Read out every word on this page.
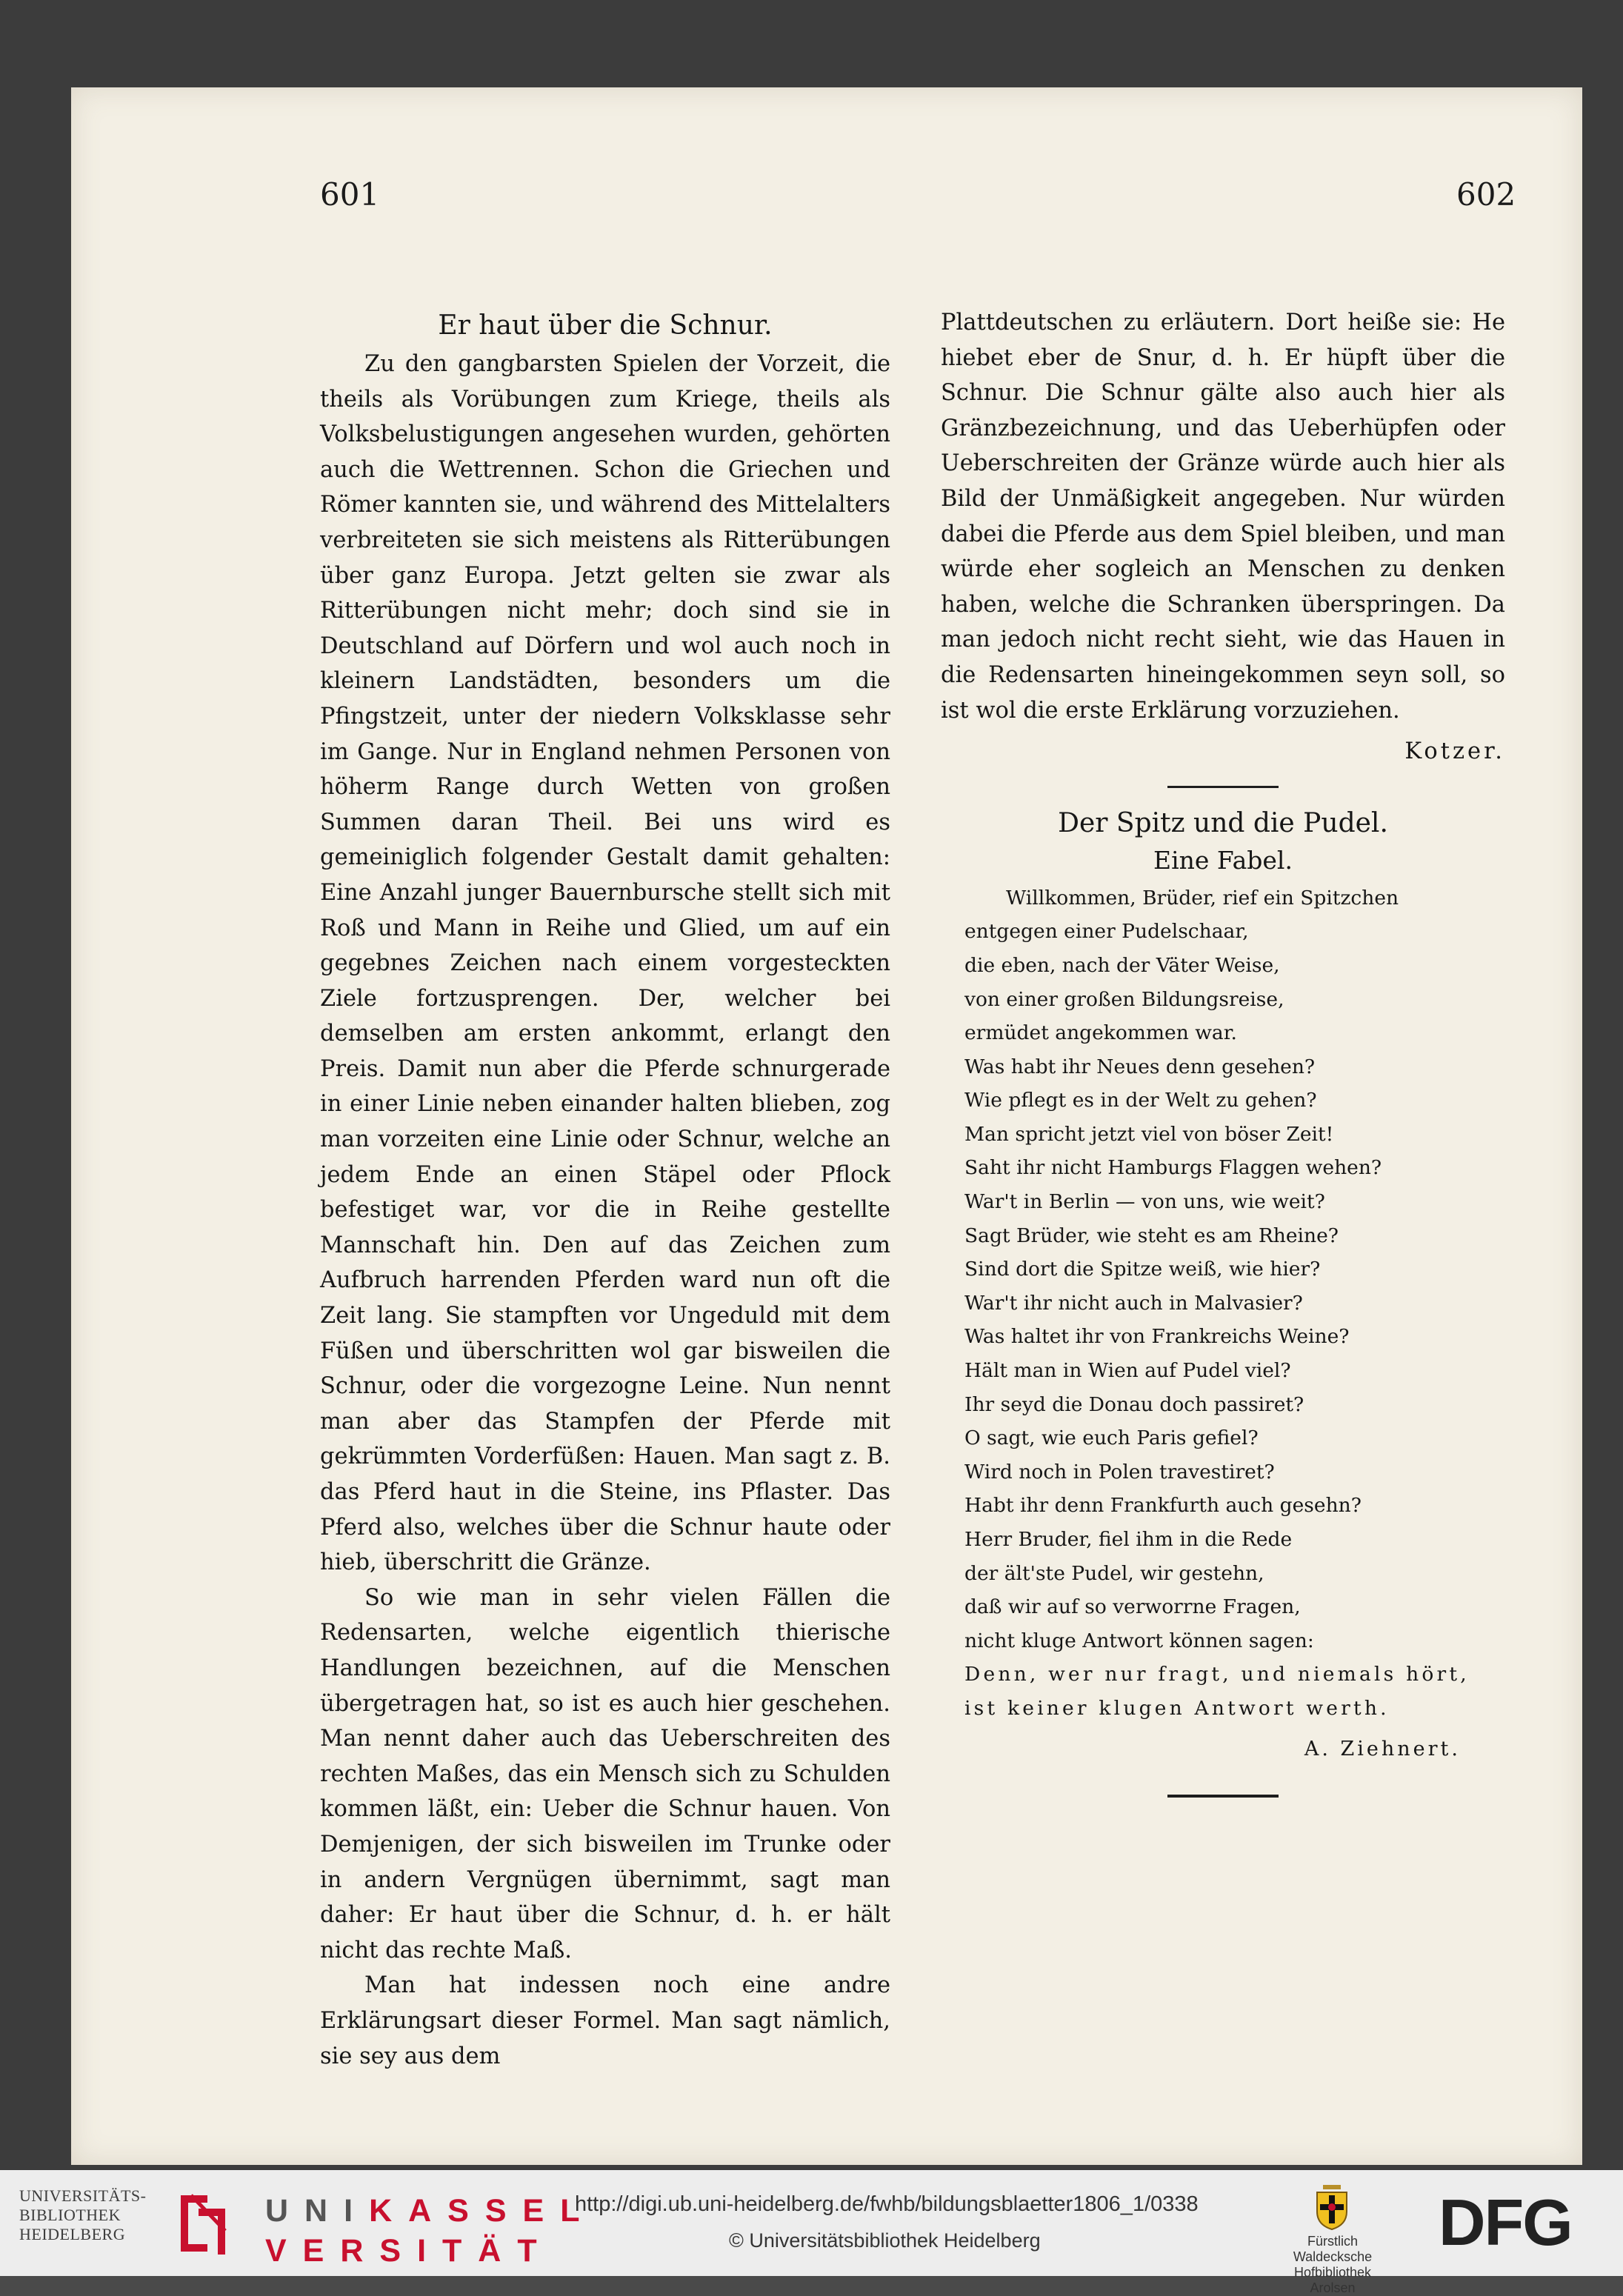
601	602
Er haut über die Schnur.

Zu den gangbarsten Spielen der Vorzeit, die theils als Vorübungen zum Kriege, theils als Volksbelustigungen angesehen wurden, gehörten auch die Wettrennen. Schon die Griechen und Römer kannten sie, und während des Mittelalters verbreiteten sie sich meistens als Ritterübungen über ganz Europa. Jetzt gelten sie zwar als Ritterübungen nicht mehr; doch sind sie in Deutschland auf Dörfern und wol auch noch in kleinern Landstädten, besonders um die Pfingstzeit, unter der niedern Volksklasse sehr im Gange. Nur in England nehmen Personen von höherm Range durch Wetten von großen Summen daran Theil. Bei uns wird es gemeiniglich folgender Gestalt damit gehalten: Eine Anzahl junger Bauernbursche stellt sich mit Roß und Mann in Reihe und Glied, um auf ein gegebnes Zeichen nach einem vorgesteckten Ziele fortzusprengen. Der, welcher bei demselben am ersten ankommt, erlangt den Preis. Damit nun aber die Pferde schnurgerade in einer Linie neben einander halten blieben, zog man vorzeiten eine Linie oder Schnur, welche an jedem Ende an einen Stäpel oder Pflock befestiget war, vor die in Reihe gestellte Mannschaft hin. Den auf das Zeichen zum Aufbruch harrenden Pferden ward nun oft die Zeit lang. Sie stampften vor Ungeduld mit dem Füßen und überschritten wol gar bisweilen die Schnur, oder die vorgezogne Leine. Nun nennt man aber das Stampfen der Pferde mit gekrümmten Vorderfüßen: Hauen. Man sagt z. B. das Pferd haut in die Steine, ins Pflaster. Das Pferd also, welches über die Schnur haute oder hieb, überschritt die Gränze.

So wie man in sehr vielen Fällen die Redensarten, welche eigentlich thierische Handlungen bezeichnen, auf die Menschen übergetragen hat, so ist es auch hier geschehen. Man nennt daher auch das Ueberschreiten des rechten Maßes, das ein Mensch sich zu Schulden kommen läßt, ein: Ueber die Schnur hauen. Von Demjenigen, der sich bisweilen im Trunke oder in andern Vergnügen übernimmt, sagt man daher: Er haut über die Schnur, d. h. er hält nicht das rechte Maß.

Man hat indessen noch eine andre Erklärungsart dieser Formel. Man sagt nämlich, sie sey aus dem

Plattdeutschen zu erläutern. Dort heiße sie: He hiebet eber de Snur, d. h. Er hüpft über die Schnur. Die Schnur gälte also auch hier als Gränzbezeichnung, und das Ueberhüpfen oder Ueberschreiten der Gränze würde auch hier als Bild der Unmäßigkeit angegeben. Nur würden dabei die Pferde aus dem Spiel bleiben, und man würde eher sogleich an Menschen zu denken haben, welche die Schranken überspringen. Da man jedoch nicht recht sieht, wie das Hauen in die Redensarten hineingekommen seyn soll, so ist wol die erste Erklärung vorzuziehen.

Kotzer.
Der Spitz und die Pudel.
Eine Fabel.
Willkommen, Brüder, rief ein Spitzchen
entgegen einer Pudelschaar,
die eben, nach der Väter Weise,
von einer großen Bildungsreise,
ermüdet angekommen war.
Was habt ihr Neues denn gesehen?
Wie pflegt es in der Welt zu gehen?
Man spricht jetzt viel von böser Zeit!
Saht ihr nicht Hamburgs Flaggen wehen?
War't in Berlin — von uns, wie weit?
Sagt Brüder, wie steht es am Rheine?
Sind dort die Spitze weiß, wie hier?
War't ihr nicht auch in Malvasier?
Was haltet ihr von Frankreichs Weine?
Hält man in Wien auf Pudel viel?
Ihr seyd die Donau doch passiret?
O sagt, wie euch Paris gefiel?
Wird noch in Polen travestiret?
Habt ihr denn Frankfurth auch gesehn?
Herr Bruder, fiel ihm in die Rede
der ält'ste Pudel, wir gestehn,
daß wir auf so verworrne Fragen,
nicht kluge Antwort können sagen:
Denn, wer nur fragt, und niemals hört,
ist keiner klugen Antwort werth.
A. Ziehnert.
UNIVERSITÄTS-
BIBLIOTHEK
HEIDELBERG
UNIKASSEL
VERSITÄT
http://digi.ub.uni-heidelberg.de/fwhb/bildungsblaetter1806_1/0338
© Universitätsbibliothek Heidelberg	Fürstlich Waldecksche
Hofbibliothek Arolsen
DFG
